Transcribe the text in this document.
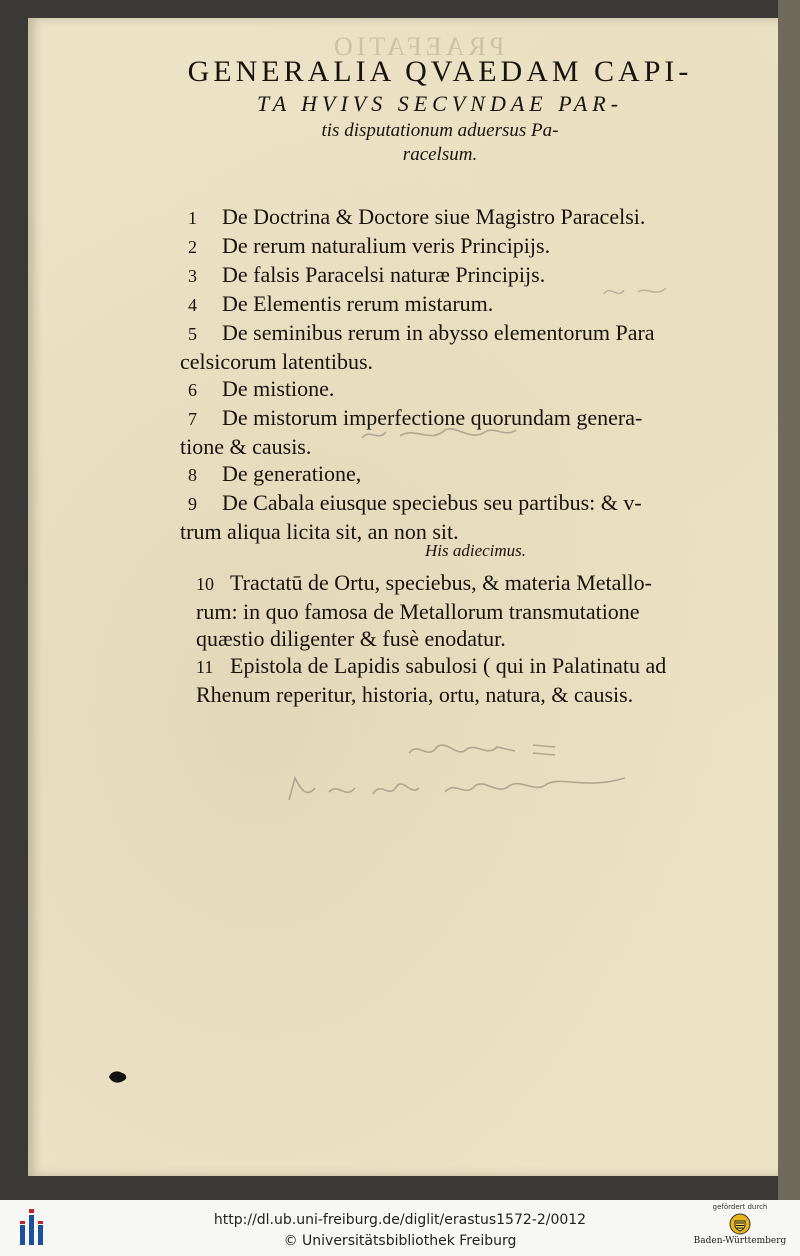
PRAEFATIO
GENERALIA QVAEDAM CAPI-
TA HVIVS SECVNDAE PAR-
tis disputationum aduersus Pa-
racelsum.
1 De Doctrina & Doctore siue Magistro Paracelsi.
2 De rerum naturalium veris Principijs.
3 De falsis Paracelsi naturæ Principijs.
4 De Elementis rerum mistarum.
5 De seminibus rerum in abysso elementorum Para
celsicorum latentibus.
6 De mistione.
7 De mistorum imperfectione quorundam genera-
tione & causis.
8 De generatione,
9 De Cabala eiusque speciebus seu partibus: & v-
trum aliqua licita sit, an non sit.
His adiecimus.
10 Tractatū de Ortu, speciebus, & materia Metallo-
rum: in quo famosa de Metallorum transmutatione
quæstio diligenter & fusè enodatur.
11 Epistola de Lapidis sabulosi ( qui in Palatinatu ad
Rhenum reperitur, historia, ortu, natura, & causis.
http://dl.ub.uni-freiburg.de/diglit/erastus1572-2/0012
© Universitätsbibliothek Freiburg
gefördert durch
Baden-Württemberg
